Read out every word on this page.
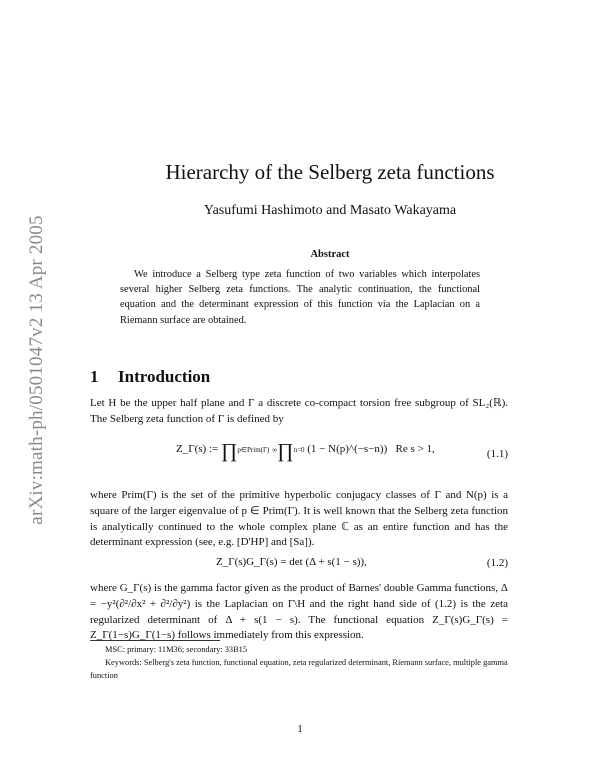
arXiv:math-ph/0501047v2 13 Apr 2005
Hierarchy of the Selberg zeta functions
Yasufumi Hashimoto and Masato Wakayama
Abstract

We introduce a Selberg type zeta function of two variables which interpolates several higher Selberg zeta functions. The analytic continuation, the functional equation and the determinant expression of this function via the Laplacian on a Riemann surface are obtained.

1 Introduction

Let H be the upper half plane and Γ a discrete co-compact torsion free subgroup of SL₂(ℝ). The Selberg zeta function of Γ is defined by

Z_Γ(s) := ∏p∈Prim(Γ) ∞∏n=0 (1 − N(p)^(−s−n)) Re s > 1,	(1.1)

where Prim(Γ) is the set of the primitive hyperbolic conjugacy classes of Γ and N(p) is a square of the larger eigenvalue of p ∈ Prim(Γ). It is well known that the Selberg zeta function is analytically continued to the whole complex plane ℂ as an entire function and has the determinant expression (see, e.g. [D'HP] and [Sa]).

Z_Γ(s)G_Γ(s) = det (Δ + s(1 − s)),	(1.2)

where G_Γ(s) is the gamma factor given as the product of Barnes' double Gamma functions, Δ = −y²(∂²/∂x² + ∂²/∂y²) is the Laplacian on Γ\H and the right hand side of (1.2) is the zeta regularized determinant of Δ + s(1 − s). The functional equation Z_Γ(s)G_Γ(s) = Z_Γ(1−s)G_Γ(1−s) follows immediately from this expression.

MSC: primary: 11M36; secondary: 33B15

Keywords: Selberg's zeta function, functional equation, zeta regularized determinant, Riemann surface, multiple gamma function

1
